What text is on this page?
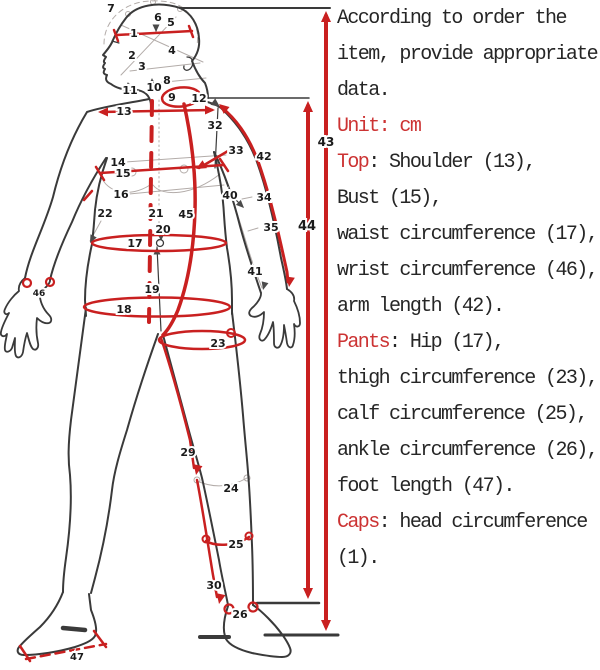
1
2
3
4
5
6
7
8
9
10
11
12
13
14
15
16
17
18
19
20
21
22
23
24
25
26
29
30
32
33
34
35
40
41
42
43
44
45
46
47
According to order the
item, provide appropriate
data.
Unit: cm
Top: Shoulder (13),
Bust (15),
waist circumference (17),
wrist circumference (46),
arm length (42).
Pants: Hip (17),
thigh circumference (23),
calf circumference (25),
ankle circumference (26),
foot length (47).
Caps: head circumference
(1).
